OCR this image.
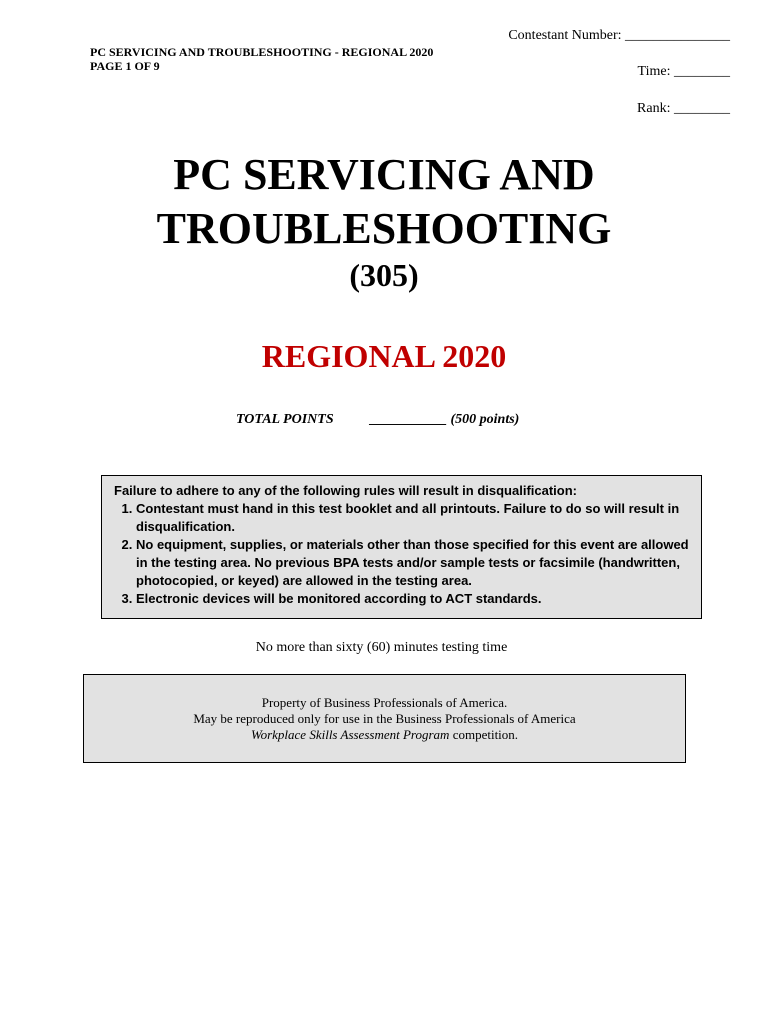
PC SERVICING AND TROUBLESHOOTING - REGIONAL 2020
PAGE 1 OF 9
Contestant Number: _______________
Time: ________
Rank: ________
PC SERVICING AND
TROUBLESHOOTING
(305)
REGIONAL 2020
TOTAL POINTS	___________ (500 points)
Failure to adhere to any of the following rules will result in disqualification:
1. Contestant must hand in this test booklet and all printouts. Failure to do so will result in disqualification.
2. No equipment, supplies, or materials other than those specified for this event are allowed in the testing area. No previous BPA tests and/or sample tests or facsimile (handwritten, photocopied, or keyed) are allowed in the testing area.
3. Electronic devices will be monitored according to ACT standards.
No more than sixty (60) minutes testing time
Property of Business Professionals of America.
May be reproduced only for use in the Business Professionals of America
Workplace Skills Assessment Program competition.
